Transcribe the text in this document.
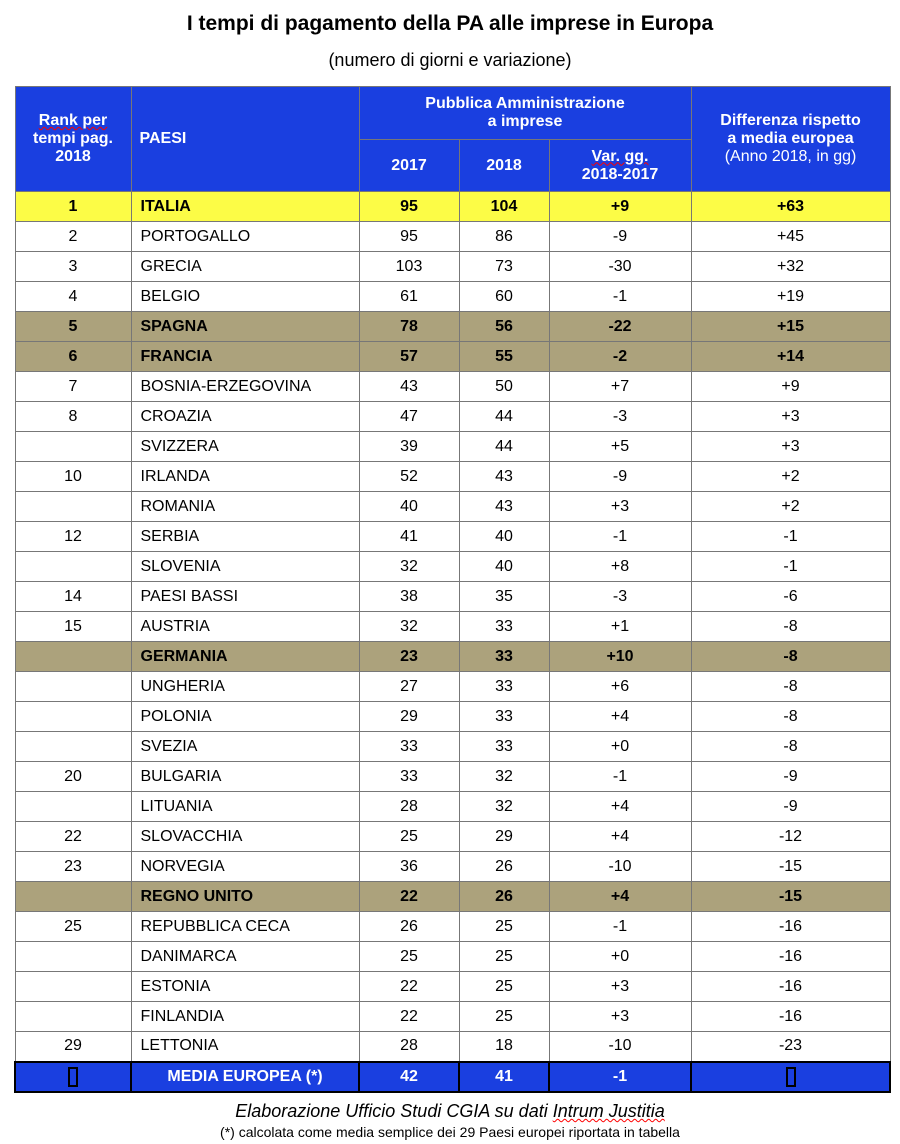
I tempi di pagamento della PA alle imprese in Europa
(numero di giorni e variazione)
Rank per
tempi pag.
2018	PAESI	Pubblica Amministrazione
a imprese			Differenza rispetto
a media europea
(Anno 2018, in gg)
		2017	2018	Var. gg.
2018-2017	
1	ITALIA	95	104	+9	+63
2	PORTOGALLO	95	86	-9	+45
3	GRECIA	103	73	-30	+32
4	BELGIO	61	60	-1	+19
5	SPAGNA	78	56	-22	+15
6	FRANCIA	57	55	-2	+14
7	BOSNIA-ERZEGOVINA	43	50	+7	+9
8	CROAZIA	47	44	-3	+3
	SVIZZERA	39	44	+5	+3
10	IRLANDA	52	43	-9	+2
	ROMANIA	40	43	+3	+2
12	SERBIA	41	40	-1	-1
	SLOVENIA	32	40	+8	-1
14	PAESI BASSI	38	35	-3	-6
15	AUSTRIA	32	33	+1	-8
	GERMANIA	23	33	+10	-8
	UNGHERIA	27	33	+6	-8
	POLONIA	29	33	+4	-8
	SVEZIA	33	33	+0	-8
20	BULGARIA	33	32	-1	-9
	LITUANIA	28	32	+4	-9
22	SLOVACCHIA	25	29	+4	-12
23	NORVEGIA	36	26	-10	-15
	REGNO UNITO	22	26	+4	-15
25	REPUBBLICA CECA	26	25	-1	-16
	DANIMARCA	25	25	+0	-16
	ESTONIA	22	25	+3	-16
	FINLANDIA	22	25	+3	-16
29	LETTONIA	28	18	-10	-23
	MEDIA EUROPEA (*)	42	41	-1	
Elaborazione Ufficio Studi CGIA su dati Intrum Justitia
(*) calcolata come media semplice dei 29 Paesi europei riportata in tabella
